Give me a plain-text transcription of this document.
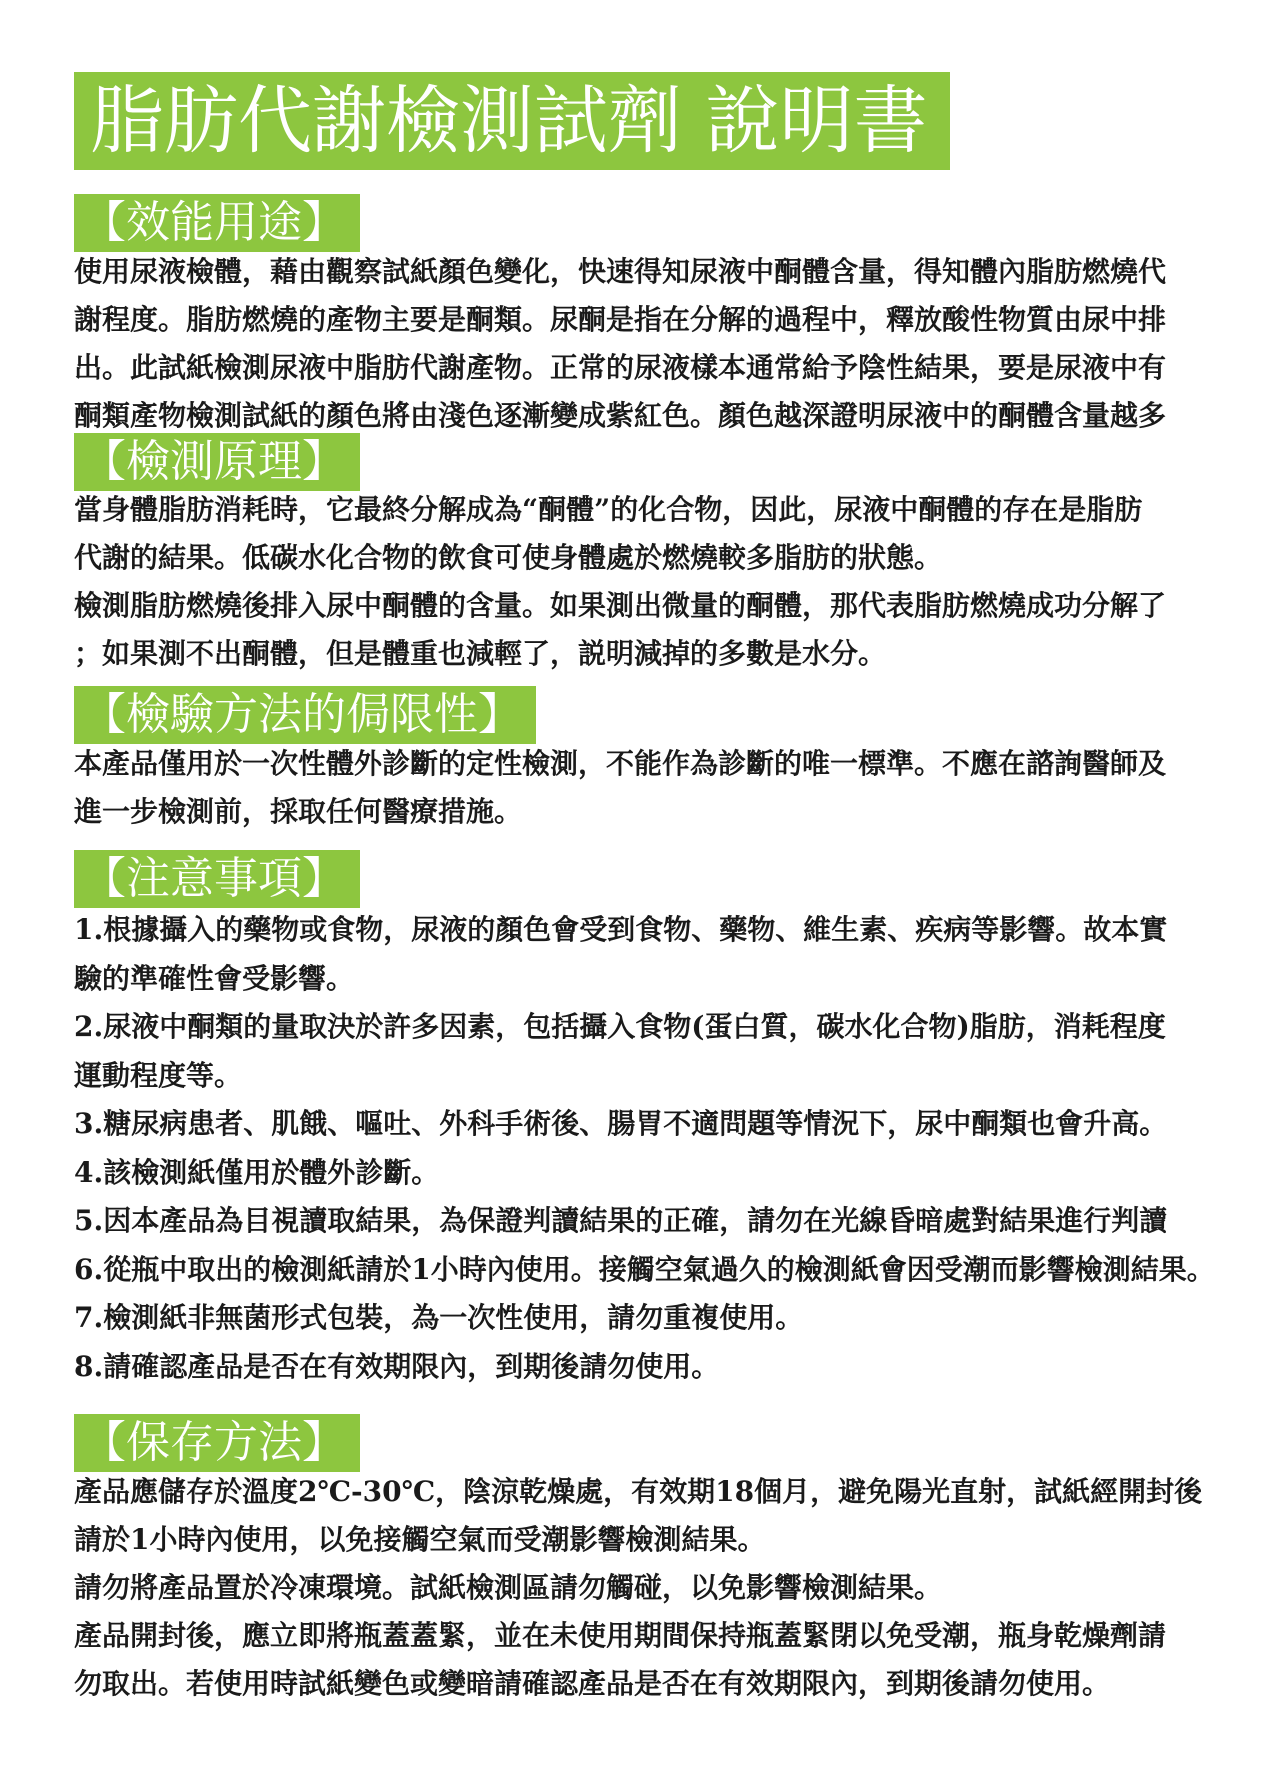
脂肪代謝檢測試劑 說明書
【效能用途】
使用尿液檢體，藉由觀察試紙顏色變化，快速得知尿液中酮體含量，得知體內脂肪燃燒代
謝程度。脂肪燃燒的產物主要是酮類。尿酮是指在分解的過程中，釋放酸性物質由尿中排
出。此試紙檢測尿液中脂肪代謝產物。正常的尿液樣本通常給予陰性結果，要是尿液中有
酮類產物檢測試紙的顏色將由淺色逐漸變成紫紅色。顏色越深證明尿液中的酮體含量越多
【檢測原理】
當身體脂肪消耗時，它最終分解成為“酮體”的化合物，因此，尿液中酮體的存在是脂肪
代謝的結果。低碳水化合物的飲食可使身體處於燃燒較多脂肪的狀態。
檢測脂肪燃燒後排入尿中酮體的含量。如果測出微量的酮體，那代表脂肪燃燒成功分解了
；如果測不出酮體，但是體重也減輕了，説明減掉的多數是水分。
【檢驗方法的侷限性】
本產品僅用於一次性體外診斷的定性檢測，不能作為診斷的唯一標準。不應在諮詢醫師及
進一步檢測前，採取任何醫療措施。
【注意事項】
1.根據攝入的藥物或食物，尿液的顏色會受到食物、藥物、維生素、疾病等影響。故本實
驗的準確性會受影響。
2.尿液中酮類的量取決於許多因素，包括攝入食物(蛋白質，碳水化合物)脂肪，消耗程度
運動程度等。
3.糖尿病患者、肌餓、嘔吐、外科手術後、腸胃不適問題等情況下，尿中酮類也會升高。
4.該檢測紙僅用於體外診斷。
5.因本產品為目視讀取結果，為保證判讀結果的正確，請勿在光線昏暗處對結果進行判讀
6.從瓶中取出的檢測紙請於1小時內使用。接觸空氣過久的檢測紙會因受潮而影響檢測結果。
7.檢測紙非無菌形式包裝，為一次性使用，請勿重複使用。
8.請確認產品是否在有效期限內，到期後請勿使用。
【保存方法】
產品應儲存於溫度2℃-30℃，陰涼乾燥處，有效期18個月，避免陽光直射，試紙經開封後
請於1小時內使用，以免接觸空氣而受潮影響檢測結果。
請勿將產品置於冷凍環境。試紙檢測區請勿觸碰，以免影響檢測結果。
產品開封後，應立即將瓶蓋蓋緊，並在未使用期間保持瓶蓋緊閉以免受潮，瓶身乾燥劑請
勿取出。若使用時試紙變色或變暗請確認產品是否在有效期限內，到期後請勿使用。
